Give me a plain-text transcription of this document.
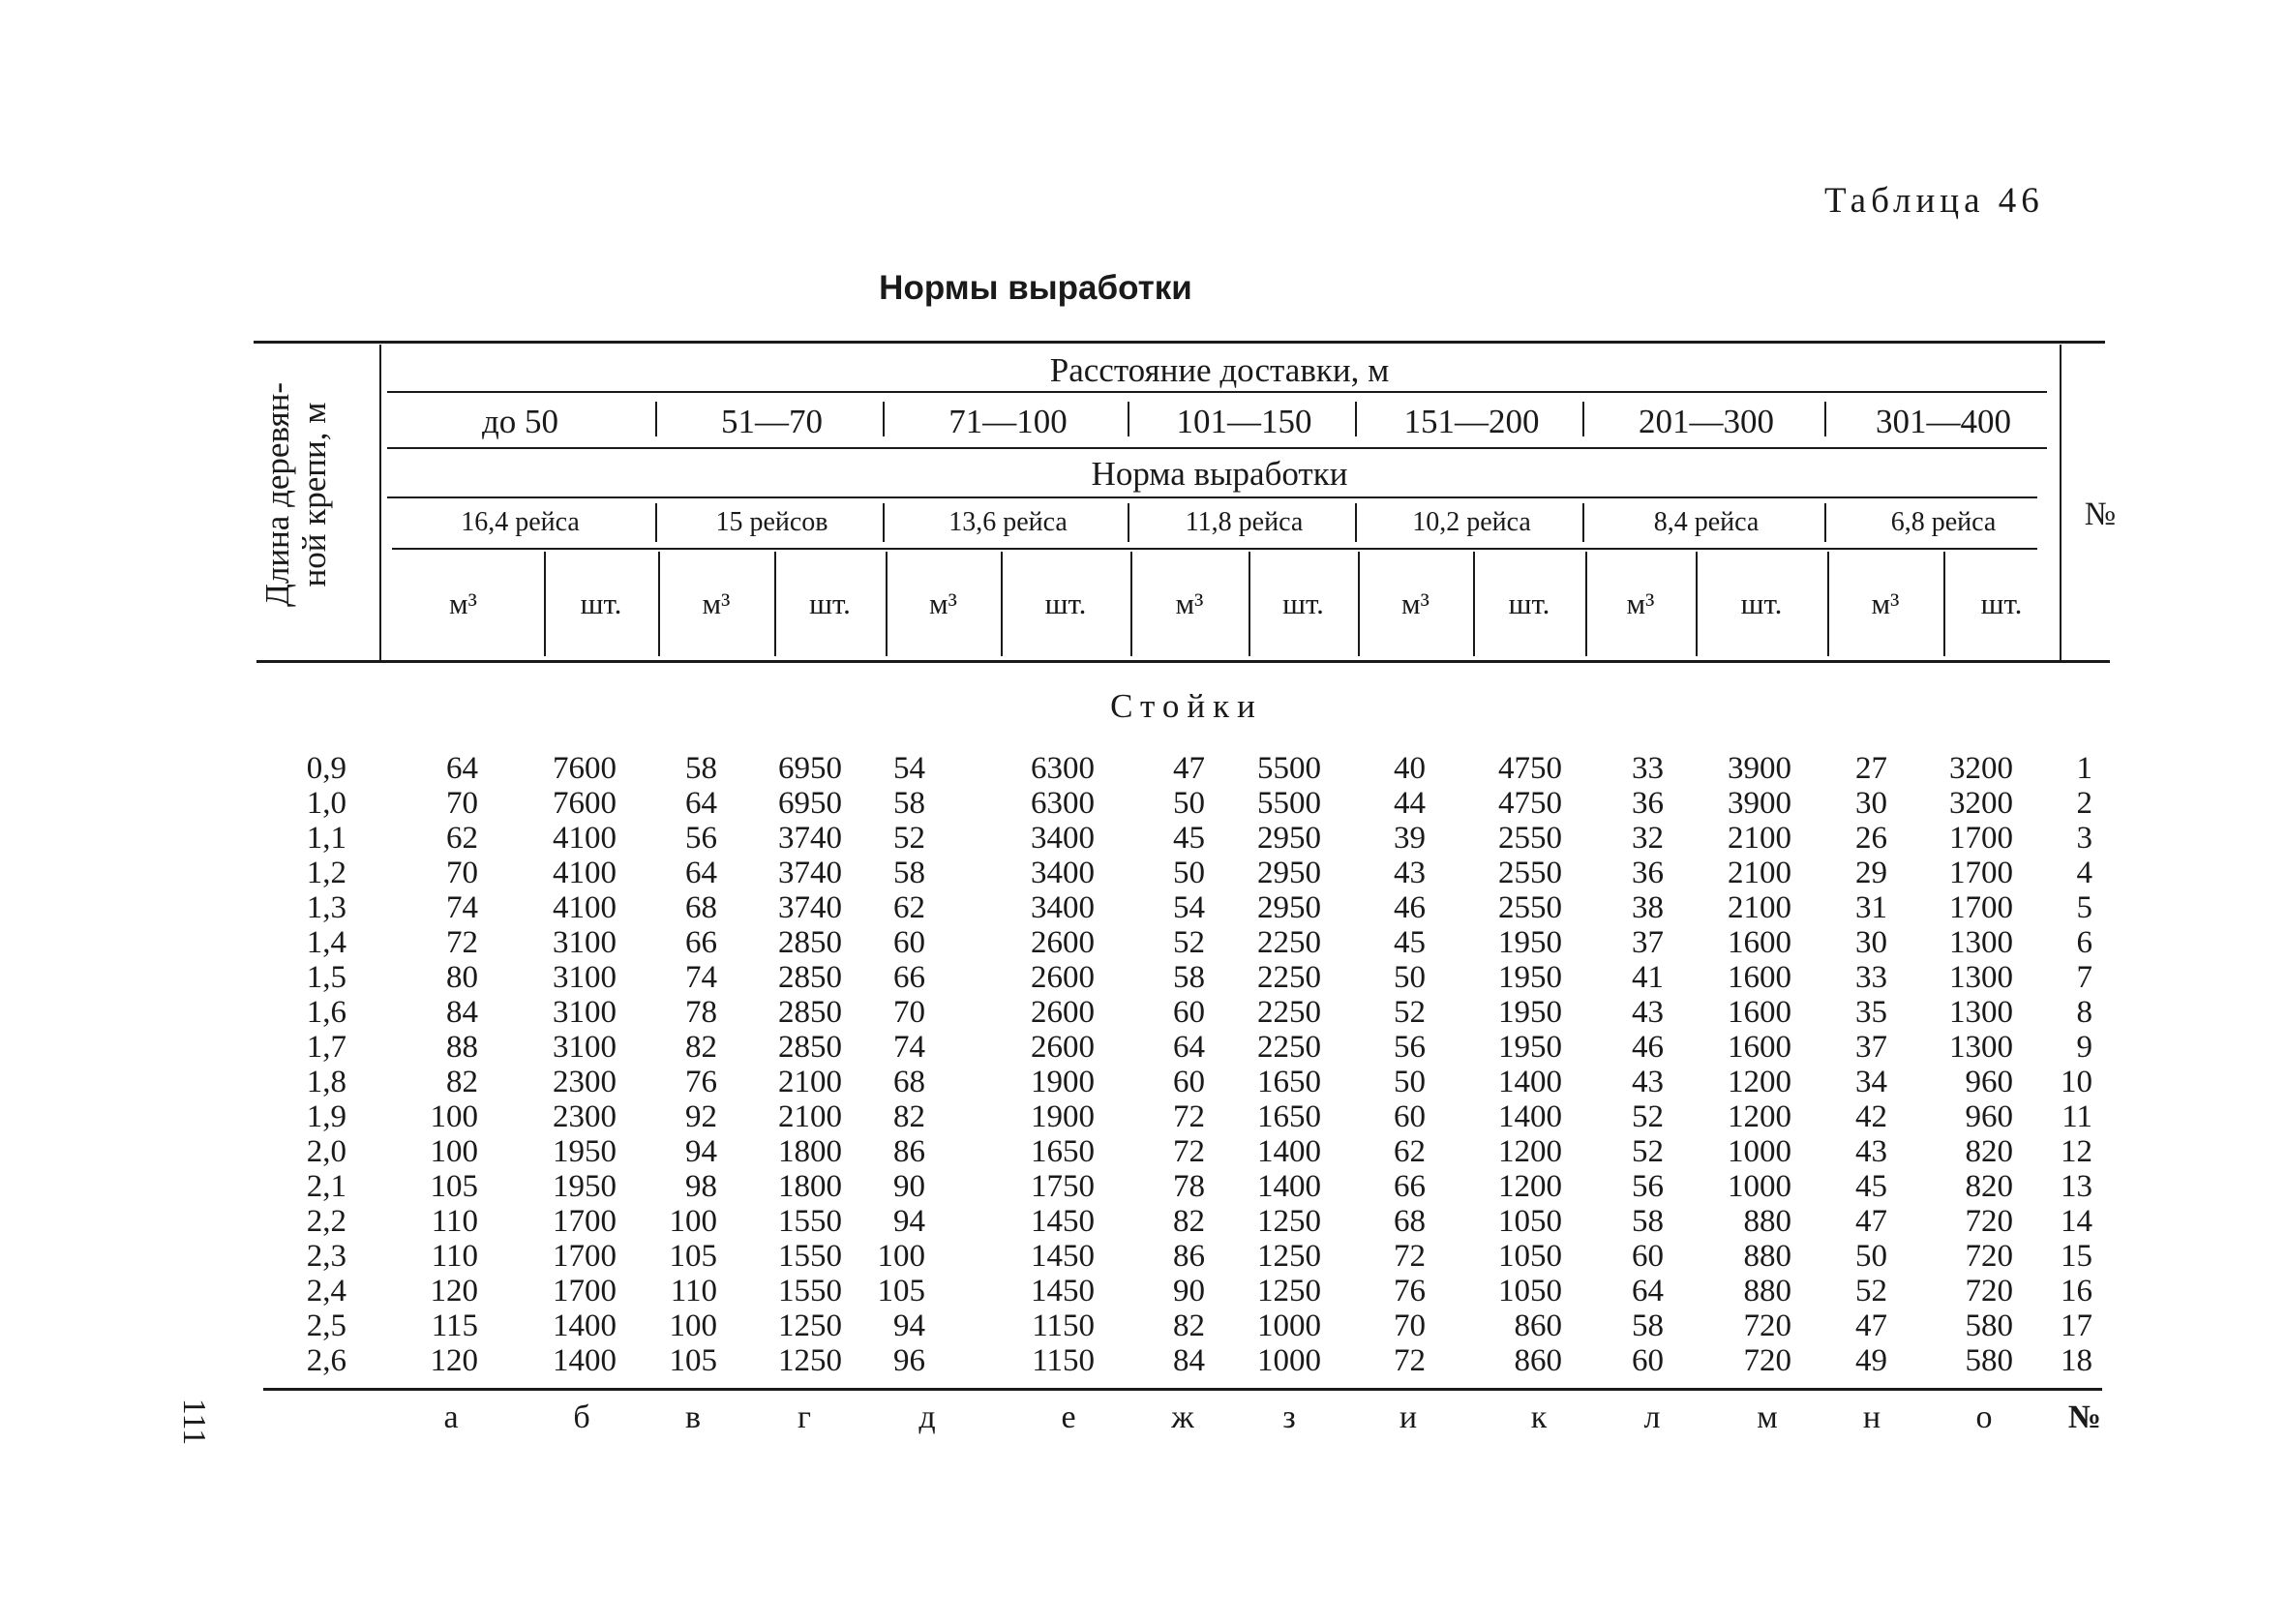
Таблица 46
Нормы выработки
Длина деревян- ной крепи, м
Расстояние доставки, м
Норма выработки
№
до 50	51—70	71—100	101—150	151—200	201—300	301—400
16,4 рейса	15 рейсов	13,6 рейса	11,8 рейса	10,2 рейса	8,4 рейса	6,8 рейса
м³	шт.	м³	шт.	м³	шт.	м³	шт.	м³	шт.	м³	шт.	м³	шт.
Стойки
0,9	64	7600	58	6950	54	6300	47	5500	40	4750	33	3900	27	3200	1
1,0	70	7600	64	6950	58	6300	50	5500	44	4750	36	3900	30	3200	2
1,1	62	4100	56	3740	52	3400	45	2950	39	2550	32	2100	26	1700	3
1,2	70	4100	64	3740	58	3400	50	2950	43	2550	36	2100	29	1700	4
1,3	74	4100	68	3740	62	3400	54	2950	46	2550	38	2100	31	1700	5
1,4	72	3100	66	2850	60	2600	52	2250	45	1950	37	1600	30	1300	6
1,5	80	3100	74	2850	66	2600	58	2250	50	1950	41	1600	33	1300	7
1,6	84	3100	78	2850	70	2600	60	2250	52	1950	43	1600	35	1300	8
1,7	88	3100	82	2850	74	2600	64	2250	56	1950	46	1600	37	1300	9
1,8	82	2300	76	2100	68	1900	60	1650	50	1400	43	1200	34	960	10
1,9	100	2300	92	2100	82	1900	72	1650	60	1400	52	1200	42	960	11
2,0	100	1950	94	1800	86	1650	72	1400	62	1200	52	1000	43	820	12
2,1	105	1950	98	1800	90	1750	78	1400	66	1200	56	1000	45	820	13
2,2	110	1700	100	1550	94	1450	82	1250	68	1050	58	880	47	720	14
2,3	110	1700	105	1550	100	1450	86	1250	72	1050	60	880	50	720	15
2,4	120	1700	110	1550	105	1450	90	1250	76	1050	64	880	52	720	16
2,5	115	1400	100	1250	94	1150	82	1000	70	860	58	720	47	580	17
2,6	120	1400	105	1250	96	1150	84	1000	72	860	60	720	49	580	18
а	б	в	г	д	е	ж	з	и	к	л	м	н	о	№
111
